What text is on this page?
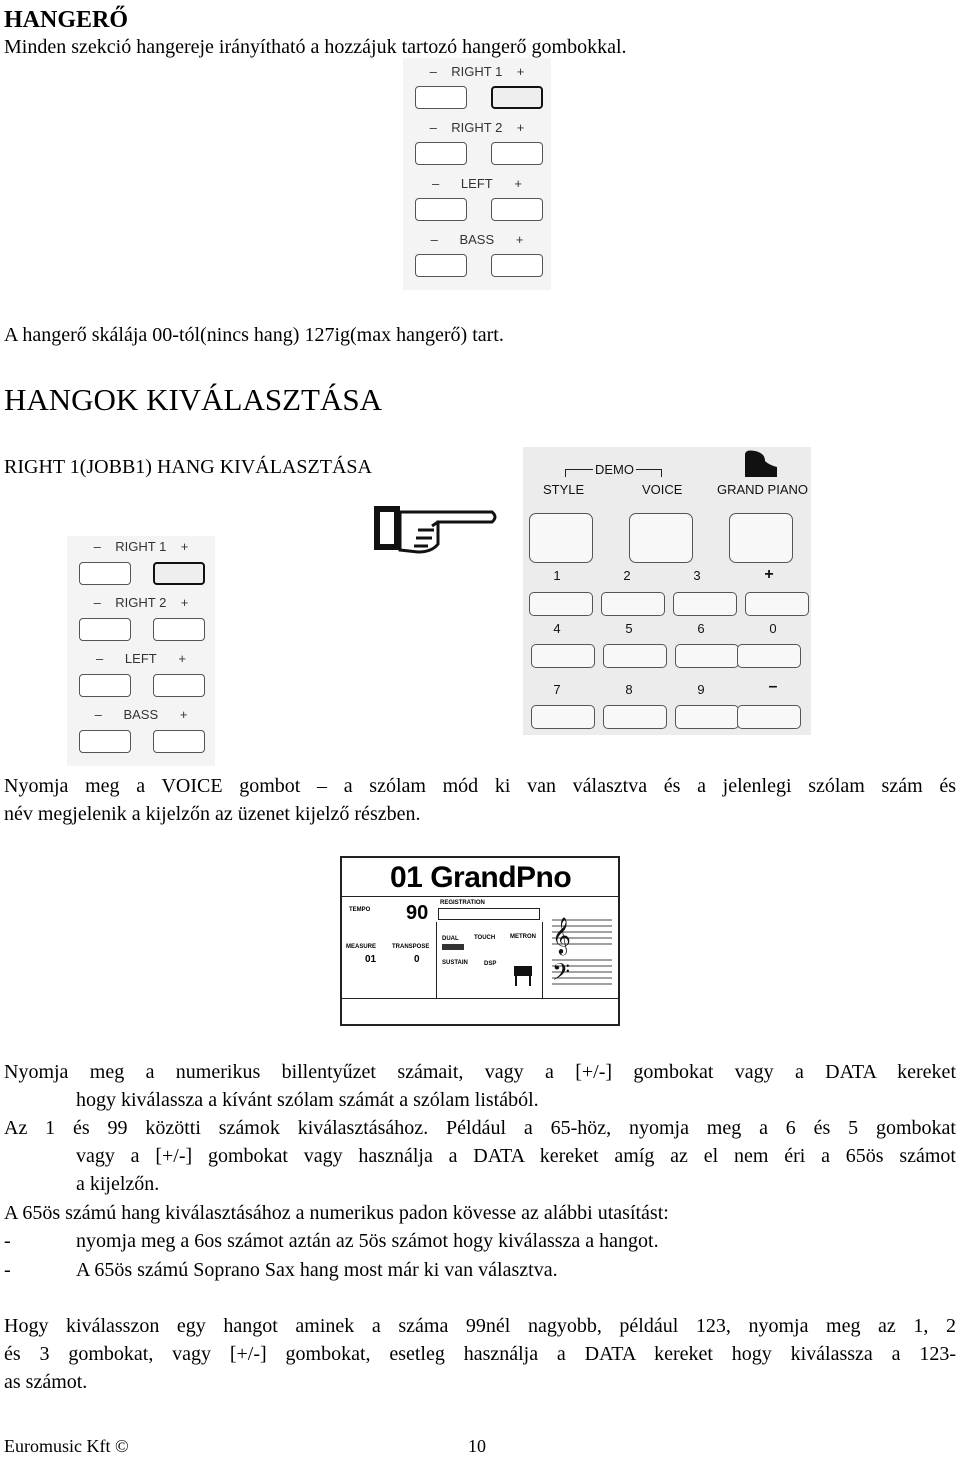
HANGERŐ
Minden szekció hangereje irányítható a hozzájuk tartozó hangerő gombokkal.
– RIGHT 1 +
– RIGHT 2 +
– LEFT +
– BASS +
A hangerő skálája 00-tól(nincs hang) 127ig(max hangerő) tart.
HANGOK KIVÁLASZTÁSA
RIGHT 1(JOBB1) HANG KIVÁLASZTÁSA
– RIGHT 1 +
– RIGHT 2 +
– LEFT +
– BASS +
DEMO
STYLE	VOICE	GRAND PIANO
1	2	3	+
4	5	6	0
7	8	9	–
Nyomja meg a VOICE gombot – a szólam mód ki van választva és a jelenlegi szólam szám és
név megjelenik a kijelzőn az üzenet kijelző részben.
01 GrandPno
TEMPO 90 REGISTRATION
MEASURE	TRANSPOSE
01	0
DUAL	TOUCH METRON
SUSTAIN	DSP
𝄞
𝄢
Nyomja meg a numerikus billentyűzet számait, vagy a [+/-] gombokat vagy a DATA kereket
hogy kiválassza a kívánt szólam számát a szólam listából.
Az 1 és 99 közötti számok kiválasztásához. Például a 65-höz, nyomja meg a 6 és 5 gombokat
vagy a [+/-] gombokat vagy használja a DATA kereket amíg az el nem éri a 65ös számot
a kijelzőn.
A 65ös számú hang kiválasztásához a numerikus padon kövesse az alábbi utasítást:
-	nyomja meg a 6os számot aztán az 5ös számot hogy kiválassza a hangot.
-	A 65ös számú Soprano Sax hang most már ki van választva.
Hogy kiválasszon egy hangot aminek a száma 99nél nagyobb, például 123, nyomja meg az 1, 2
és 3 gombokat, vagy [+/-] gombokat, esetleg használja a DATA kereket hogy kiválassza a 123-
as számot.
Euromusic Kft ©	10
